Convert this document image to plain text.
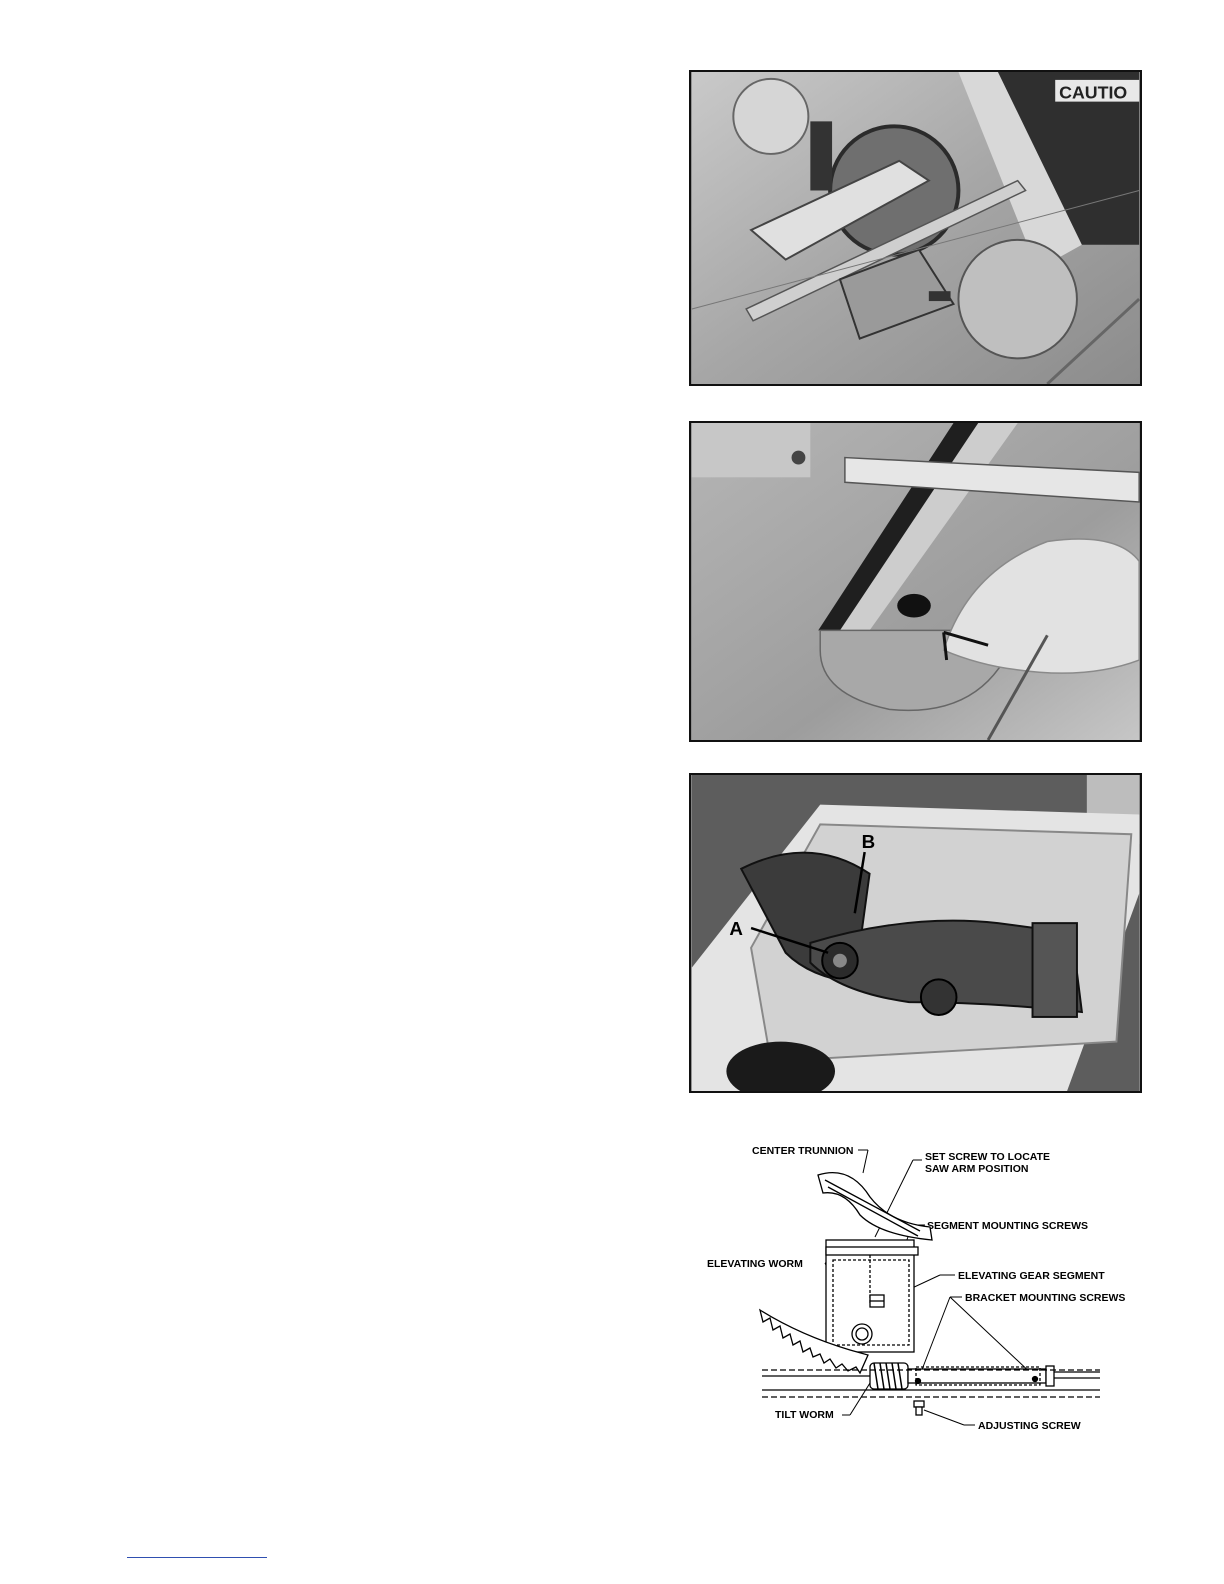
CAUTIO
A
B
CENTER TRUNNION	SET SCREW TO LOCATE
SAW ARM POSITION
SEGMENT MOUNTING SCREWS
ELEVATING WORM
ELEVATING GEAR SEGMENT
BRACKET MOUNTING SCREWS
TILT WORM
ADJUSTING SCREW
